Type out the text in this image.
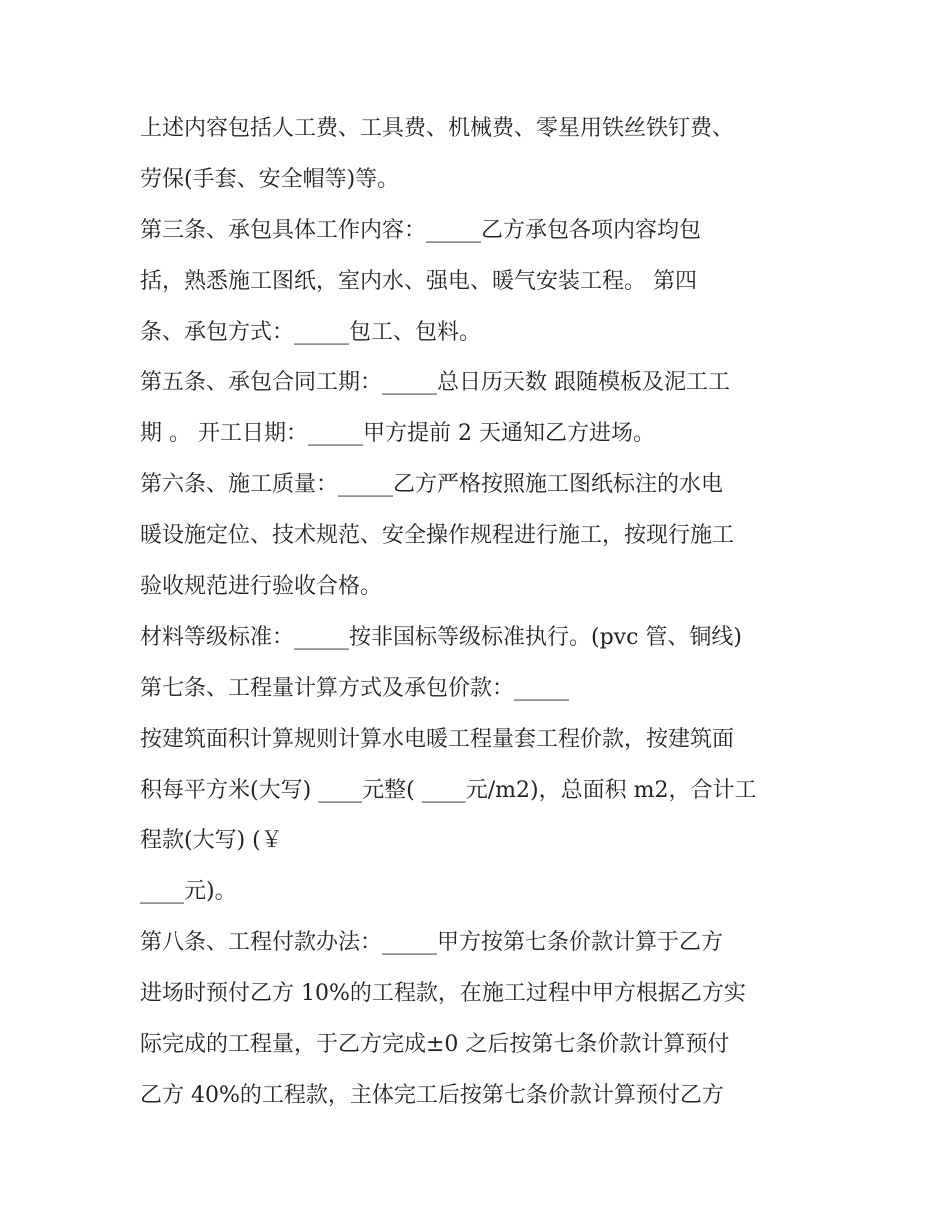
上述内容包括人工费、工具费、机械费、零星用铁丝铁钉费、
劳保(手套、安全帽等)等。
第三条、承包具体工作内容：_____乙方承包各项内容均包
括，熟悉施工图纸，室内水、强电、暖气安装工程。 第四
条、承包方式：_____包工、包料。
第五条、承包合同工期：_____总日历天数 跟随模板及泥工工
期 。 开工日期：_____甲方提前 2 天通知乙方进场。
第六条、施工质量：_____乙方严格按照施工图纸标注的水电
暖设施定位、技术规范、安全操作规程进行施工，按现行施工
验收规范进行验收合格。
材料等级标准：_____按非国标等级标准执行。(pvc 管、铜线)
第七条、工程量计算方式及承包价款：_____
按建筑面积计算规则计算水电暖工程量套工程价款，按建筑面
积每平方米(大写) ____元整( ____元/m2)，总面积 m2，合计工
程款(大写) (￥
____元)。
第八条、工程付款办法：_____甲方按第七条价款计算于乙方
进场时预付乙方 10%的工程款，在施工过程中甲方根据乙方实
际完成的工程量，于乙方完成±0 之后按第七条价款计算预付
乙方 40%的工程款，主体完工后按第七条价款计算预付乙方
